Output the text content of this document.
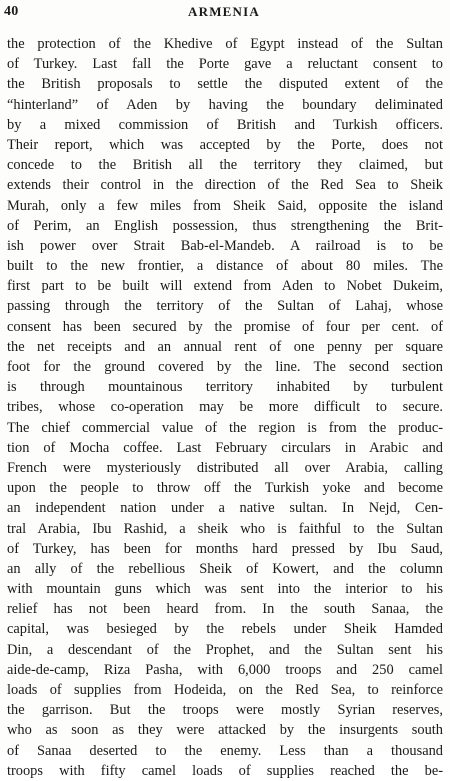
40	ARMENIA
the protection of the Khedive of Egypt instead of the Sultan
of Turkey. Last fall the Porte gave a reluctant consent to
the British proposals to settle the disputed extent of the
“hinterland” of Aden by having the boundary deliminated
by a mixed commission of British and Turkish officers.
Their report, which was accepted by the Porte, does not
concede to the British all the territory they claimed, but
extends their control in the direction of the Red Sea to Sheik
Murah, only a few miles from Sheik Said, opposite the island
of Perim, an English possession, thus strengthening the Brit-
ish power over Strait Bab-el-Mandeb. A railroad is to be
built to the new frontier, a distance of about 80 miles. The
first part to be built will extend from Aden to Nobet Dukeim,
passing through the territory of the Sultan of Lahaj, whose
consent has been secured by the promise of four per cent. of
the net receipts and an annual rent of one penny per square
foot for the ground covered by the line. The second section
is through mountainous territory inhabited by turbulent
tribes, whose co-operation may be more difficult to secure.
The chief commercial value of the region is from the produc-
tion of Mocha coffee. Last February circulars in Arabic and
French were mysteriously distributed all over Arabia, calling
upon the people to throw off the Turkish yoke and become
an independent nation under a native sultan. In Nejd, Cen-
tral Arabia, Ibu Rashid, a sheik who is faithful to the Sultan
of Turkey, has been for months hard pressed by Ibu Saud,
an ally of the rebellious Sheik of Kowert, and the column
with mountain guns which was sent into the interior to his
relief has not been heard from. In the south Sanaa, the
capital, was besieged by the rebels under Sheik Hamded
Din, a descendant of the Prophet, and the Sultan sent his
aide-de-camp, Riza Pasha, with 6,000 troops and 250 camel
loads of supplies from Hodeida, on the Red Sea, to reinforce
the garrison. But the troops were mostly Syrian reserves,
who as soon as they were attacked by the insurgents south
of Sanaa deserted to the enemy. Less than a thousand
troops with fifty camel loads of supplies reached the be-
